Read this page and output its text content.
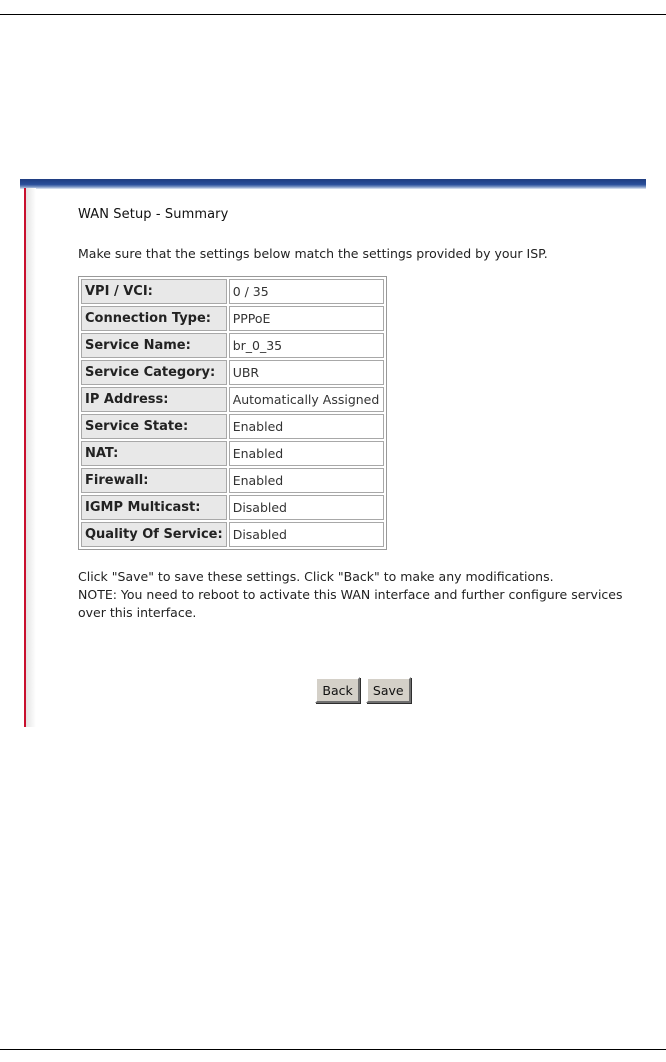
WAN Setup - Summary
Make sure that the settings below match the settings provided by your ISP.
VPI / VCI:	0 / 35
Connection Type:	PPPoE
Service Name:	br_0_35
Service Category:	UBR
IP Address:	Automatically Assigned
Service State:	Enabled
NAT:	Enabled
Firewall:	Enabled
IGMP Multicast:	Disabled
Quality Of Service:	Disabled

Click "Save" to save these settings. Click "Back" to make any modifications.

NOTE: You need to reboot to activate this WAN interface and further configure services over this interface.

Back Save
